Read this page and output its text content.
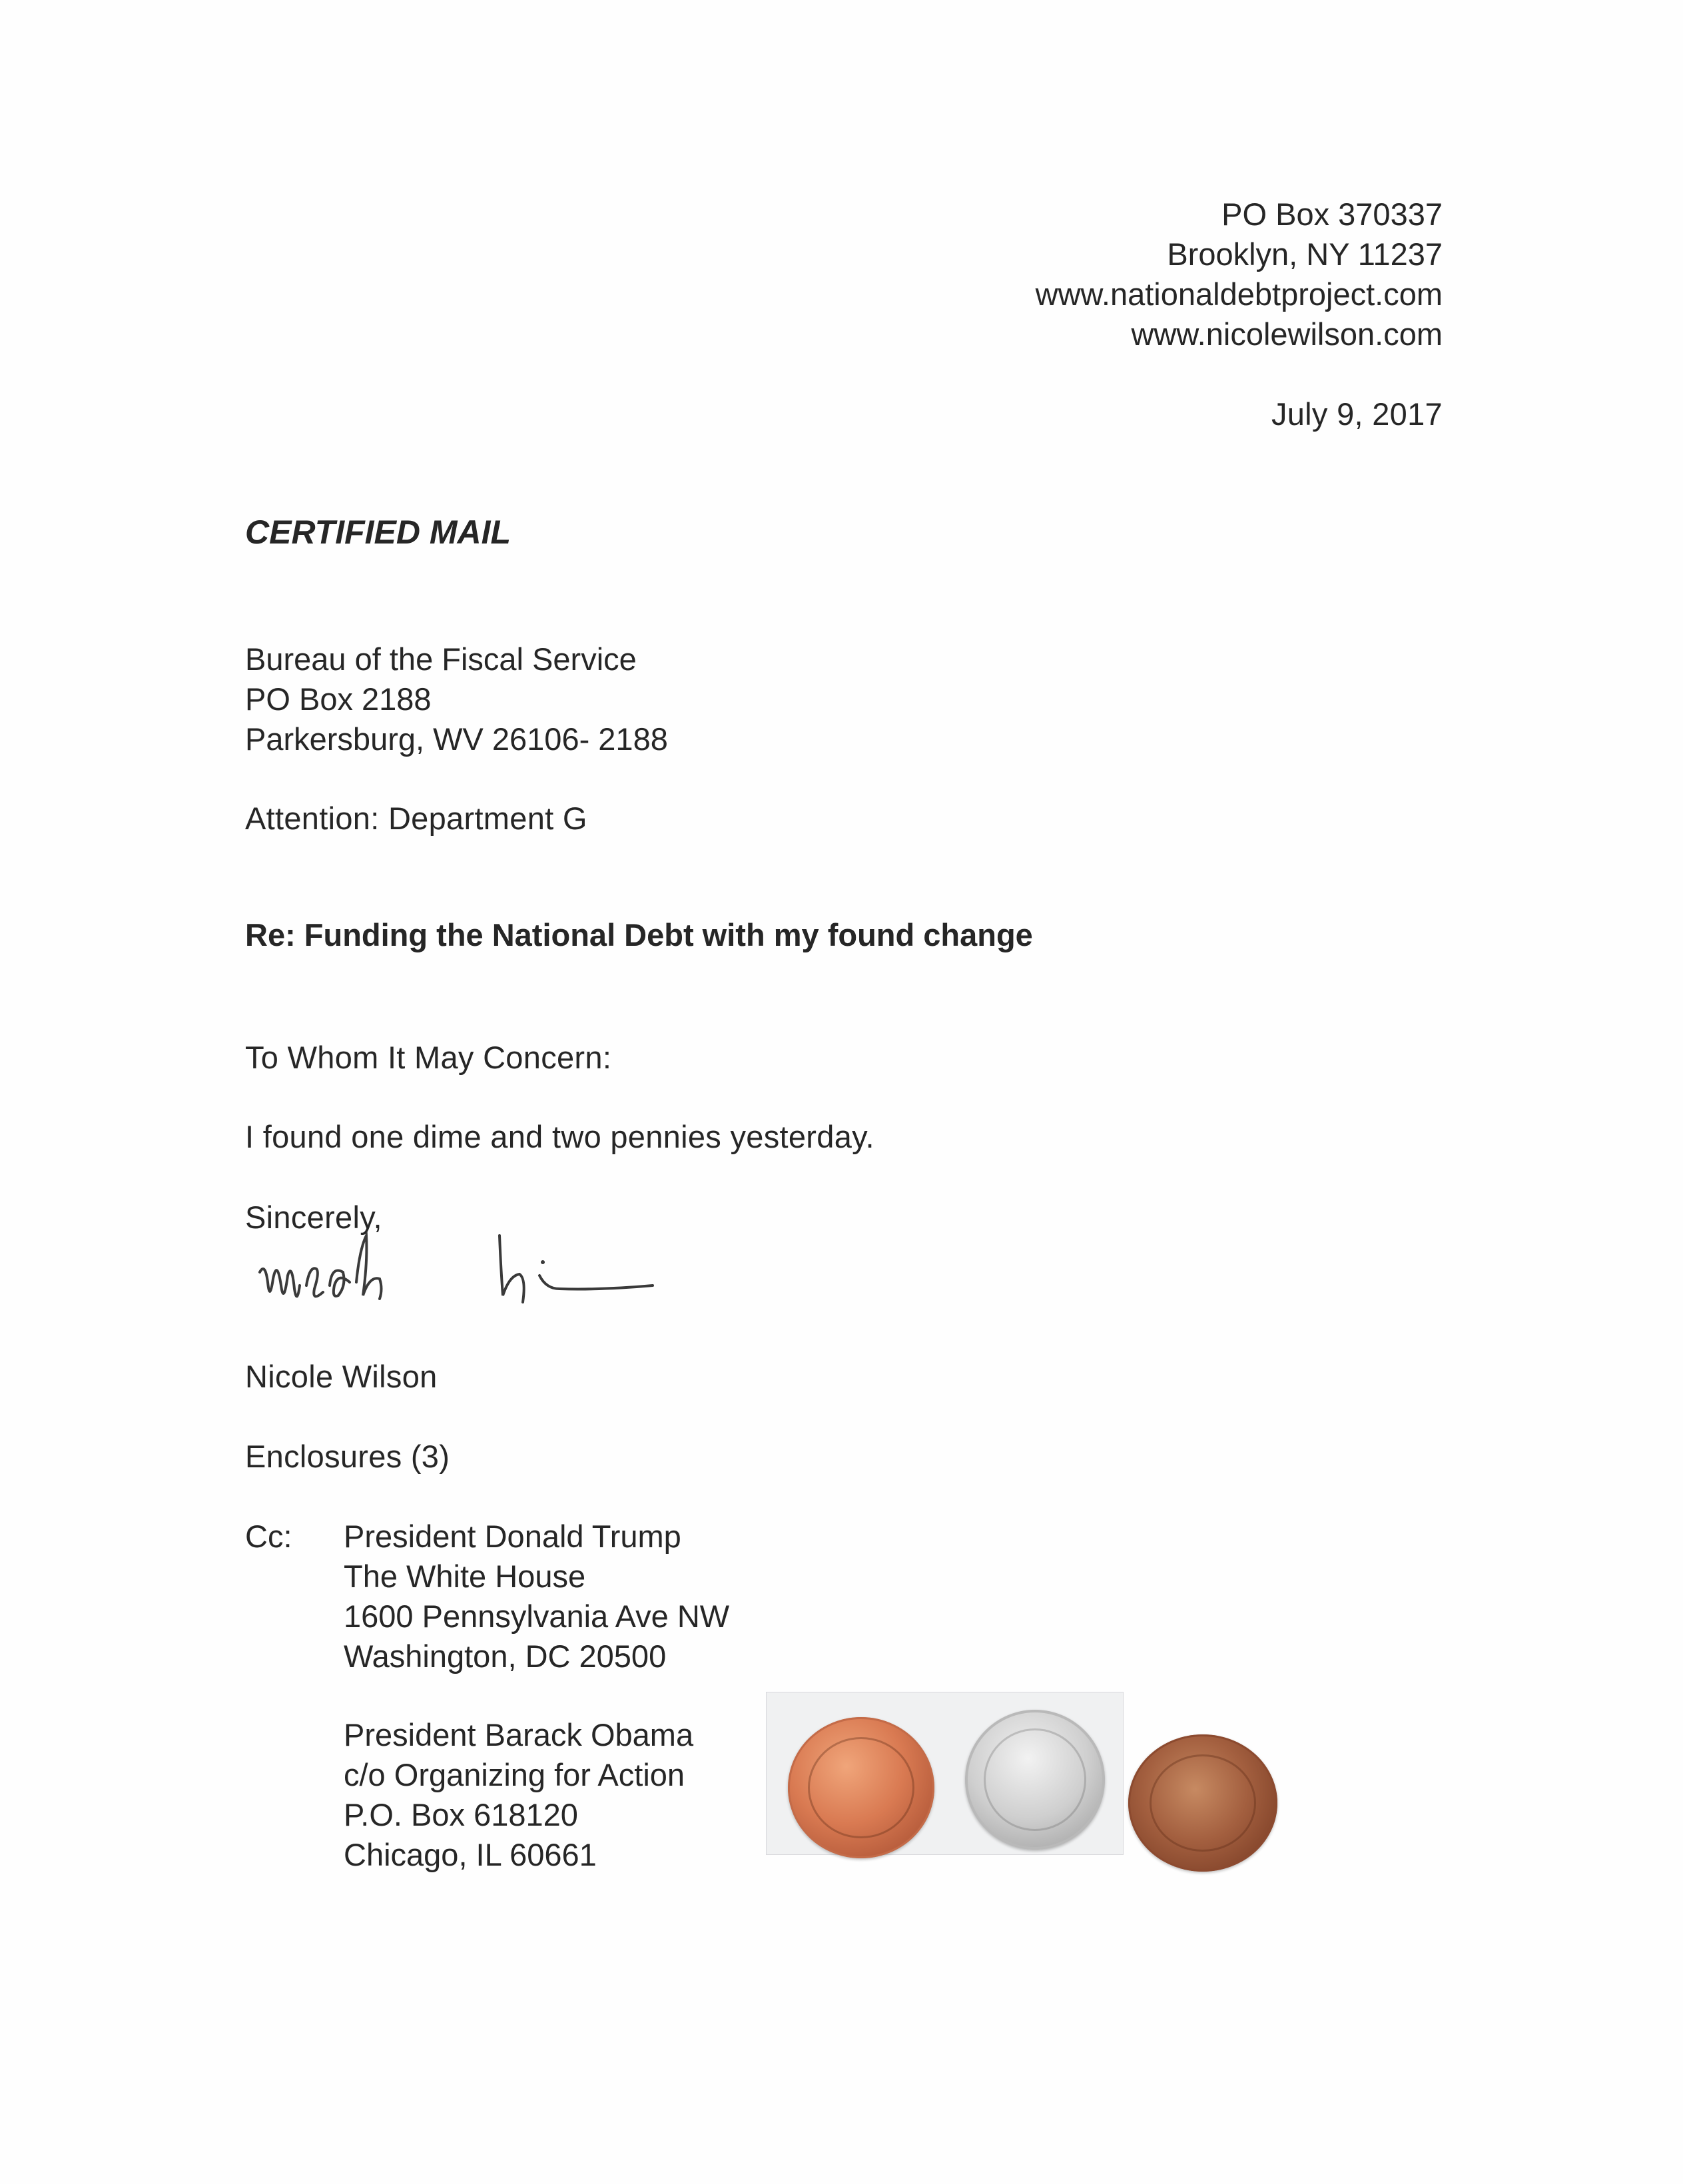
PO Box 370337
Brooklyn, NY 11237
www.nationaldebtproject.com
www.nicolewilson.com
July 9, 2017
CERTIFIED MAIL
Bureau of the Fiscal Service
PO Box 2188
Parkersburg, WV 26106- 2188
Attention: Department G
Re: Funding the National Debt with my found change
To Whom It May Concern:
I found one dime and two pennies yesterday.
Sincerely,
Nicole Wilson
Enclosures (3)
Cc: President Donald Trump
The White House
1600 Pennsylvania Ave NW
Washington, DC 20500
President Barack Obama
c/o Organizing for Action
P.O. Box 618120
Chicago, IL 60661
